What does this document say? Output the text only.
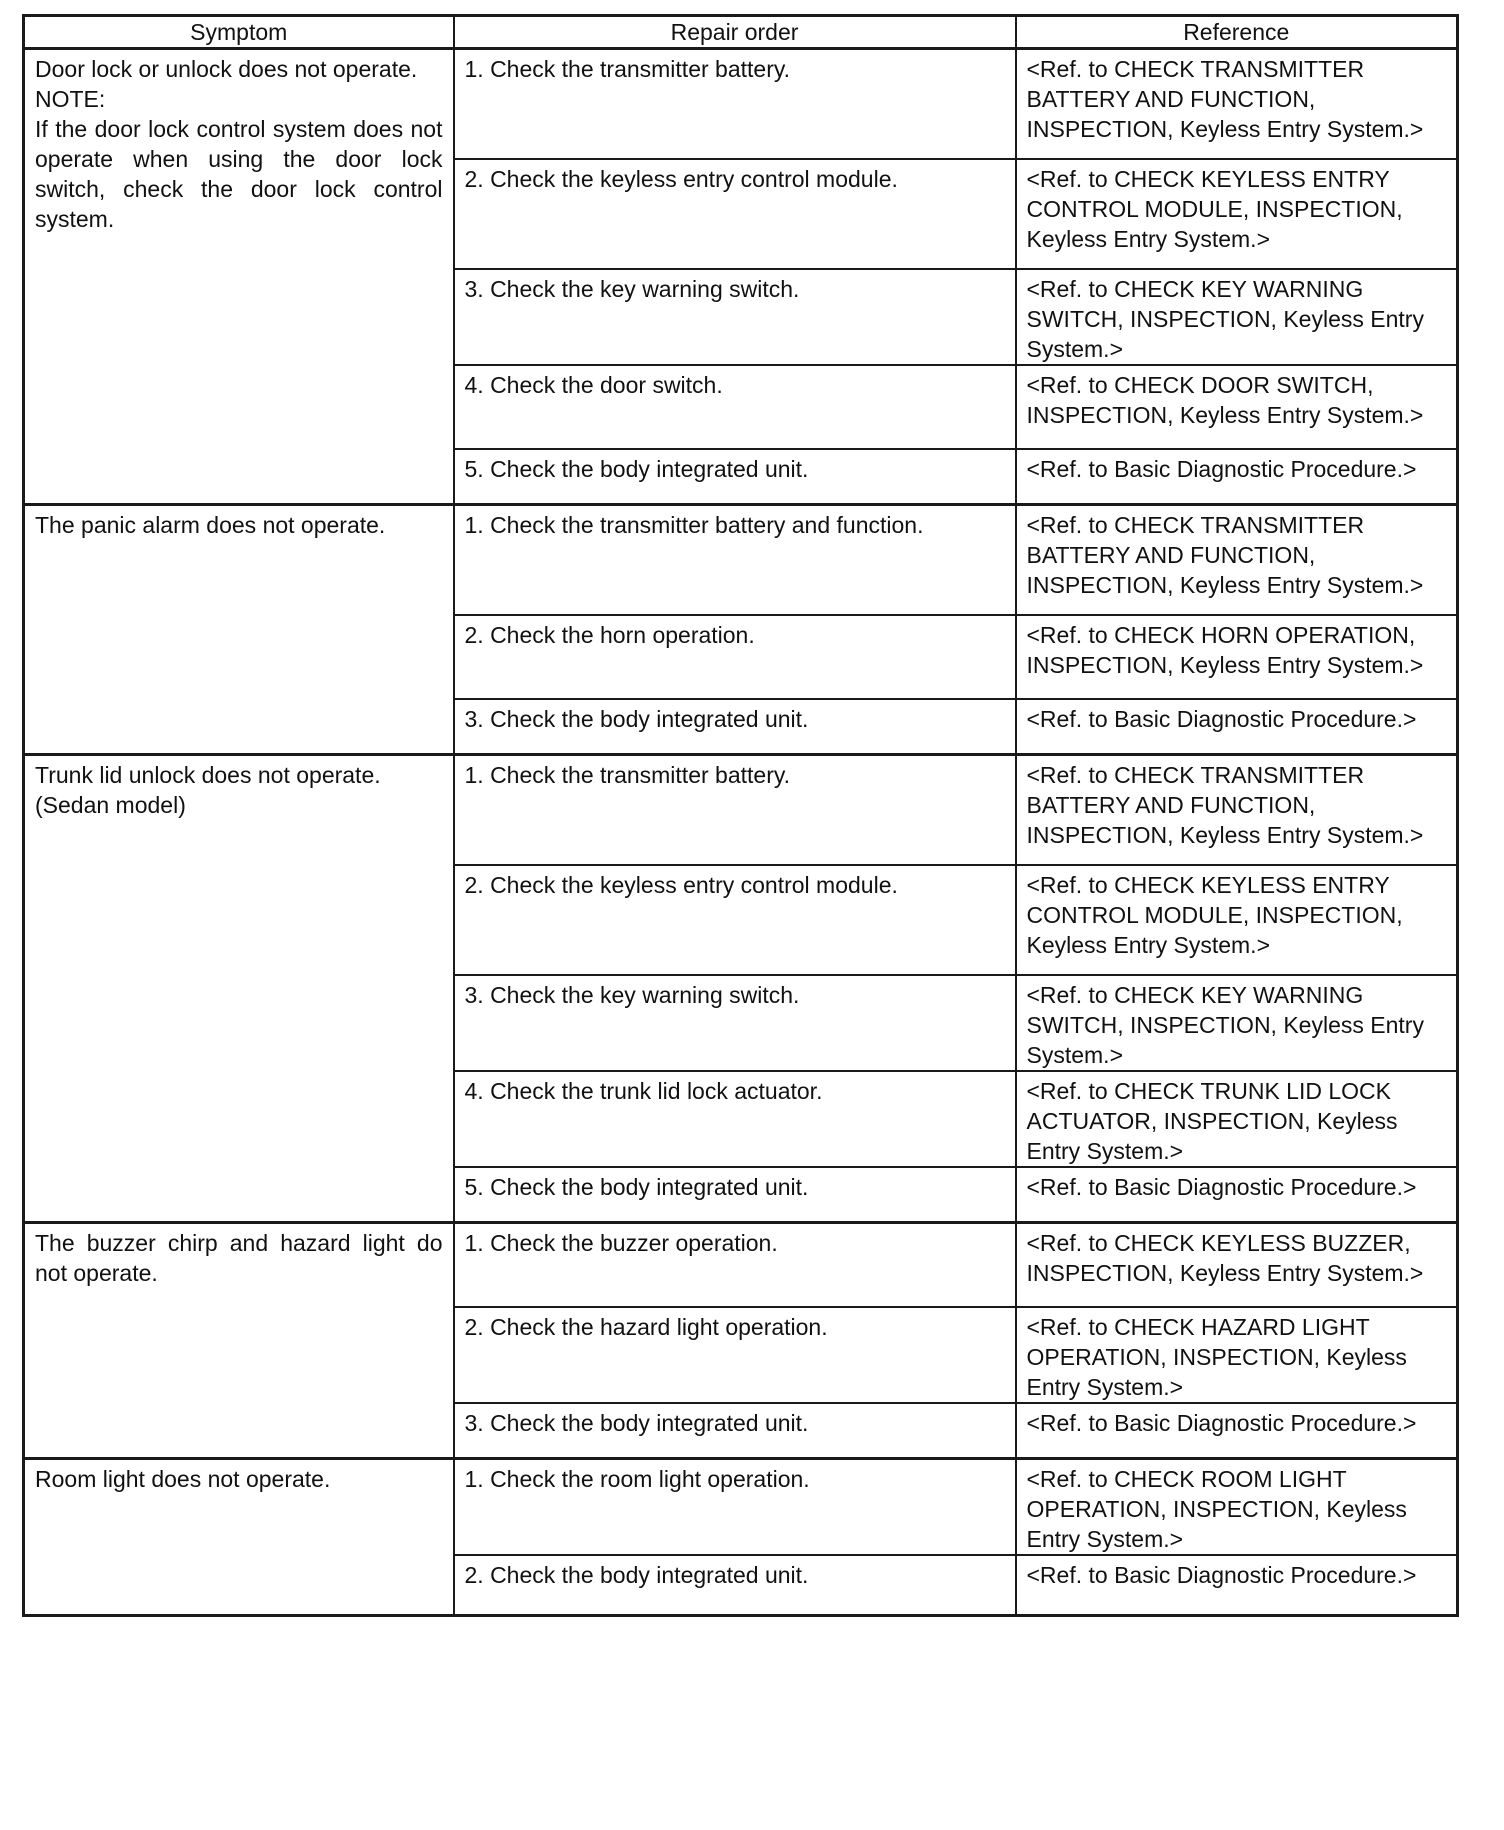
Symptom	Repair order	Reference

Door lock or unlock does not operate.
NOTE:
If the door lock control system does not operate when using the door lock switch, check the door lock control system.	1. Check the transmitter battery.	<Ref. to CHECK TRANSMITTER BATTERY AND FUNCTION, INSPECTION, Keyless Entry System.>
	2. Check the keyless entry control module.	<Ref. to CHECK KEYLESS ENTRY CONTROL MODULE, INSPECTION, Keyless Entry System.>
	3. Check the key warning switch.	<Ref. to CHECK KEY WARNING SWITCH, INSPECTION, Keyless Entry System.>
	4. Check the door switch.	<Ref. to CHECK DOOR SWITCH, INSPECTION, Keyless Entry System.>
	5. Check the body integrated unit.	<Ref. to Basic Diagnostic Procedure.>

The panic alarm does not operate.	1. Check the transmitter battery and function.	<Ref. to CHECK TRANSMITTER BATTERY AND FUNCTION, INSPECTION, Keyless Entry System.>
	2. Check the horn operation.	<Ref. to CHECK HORN OPERATION, INSPECTION, Keyless Entry System.>
	3. Check the body integrated unit.	<Ref. to Basic Diagnostic Procedure.>

Trunk lid unlock does not operate.
(Sedan model)	1. Check the transmitter battery.	<Ref. to CHECK TRANSMITTER BATTERY AND FUNCTION, INSPECTION, Keyless Entry System.>
	2. Check the keyless entry control module.	<Ref. to CHECK KEYLESS ENTRY CONTROL MODULE, INSPECTION, Keyless Entry System.>
	3. Check the key warning switch.	<Ref. to CHECK KEY WARNING SWITCH, INSPECTION, Keyless Entry System.>
	4. Check the trunk lid lock actuator.	<Ref. to CHECK TRUNK LID LOCK ACTUATOR, INSPECTION, Keyless Entry System.>
	5. Check the body integrated unit.	<Ref. to Basic Diagnostic Procedure.>

The buzzer chirp and hazard light do not operate.	1. Check the buzzer operation.	<Ref. to CHECK KEYLESS BUZZER, INSPECTION, Keyless Entry System.>
	2. Check the hazard light operation.	<Ref. to CHECK HAZARD LIGHT OPERATION, INSPECTION, Keyless Entry System.>
	3. Check the body integrated unit.	<Ref. to Basic Diagnostic Procedure.>

Room light does not operate.	1. Check the room light operation.	<Ref. to CHECK ROOM LIGHT OPERATION, INSPECTION, Keyless Entry System.>
	2. Check the body integrated unit.	<Ref. to Basic Diagnostic Procedure.>
